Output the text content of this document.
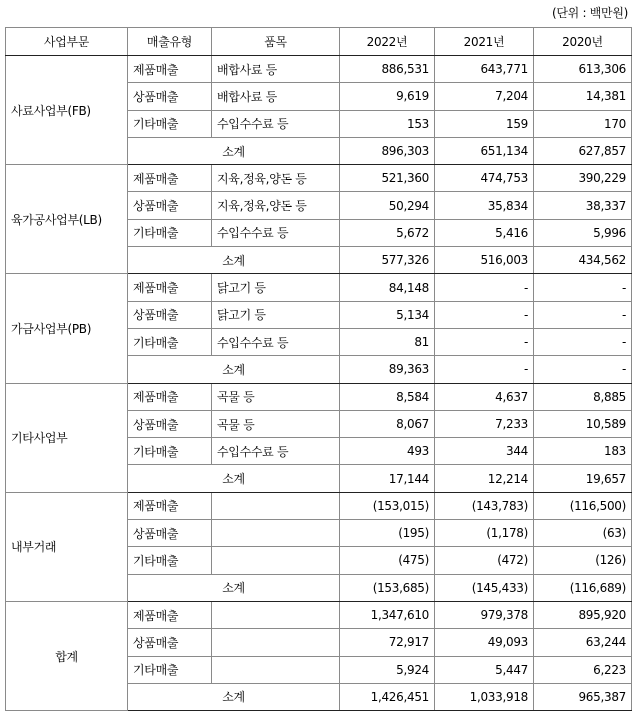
(단위 : 백만원)
사업부문	매출유형	품목	2022년	2021년	2020년
사료사업부(FB)	제품매출	배합사료 등	886,531	643,771	613,306
	상품매출	배합사료 등	9,619	7,204	14,381
	기타매출	수입수수료 등	153	159	170
	소계		896,303	651,134	627,857
육가공사업부(LB)	제품매출	지육,정육,양돈 등	521,360	474,753	390,229
	상품매출	지육,정육,양돈 등	50,294	35,834	38,337
	기타매출	수입수수료 등	5,672	5,416	5,996
	소계		577,326	516,003	434,562
가금사업부(PB)	제품매출	닭고기 등	84,148	-	-
	상품매출	닭고기 등	5,134	-	-
	기타매출	수입수수료 등	81	-	-
	소계		89,363	-	-
기타사업부	제품매출	곡물 등	8,584	4,637	8,885
	상품매출	곡물 등	8,067	7,233	10,589
	기타매출	수입수수료 등	493	344	183
	소계		17,144	12,214	19,657
내부거래	제품매출		(153,015)	(143,783)	(116,500)
	상품매출		(195)	(1,178)	(63)
	기타매출		(475)	(472)	(126)
	소계		(153,685)	(145,433)	(116,689)
합계	제품매출		1,347,610	979,378	895,920
	상품매출		72,917	49,093	63,244
	기타매출		5,924	5,447	6,223
	소계		1,426,451	1,033,918	965,387
